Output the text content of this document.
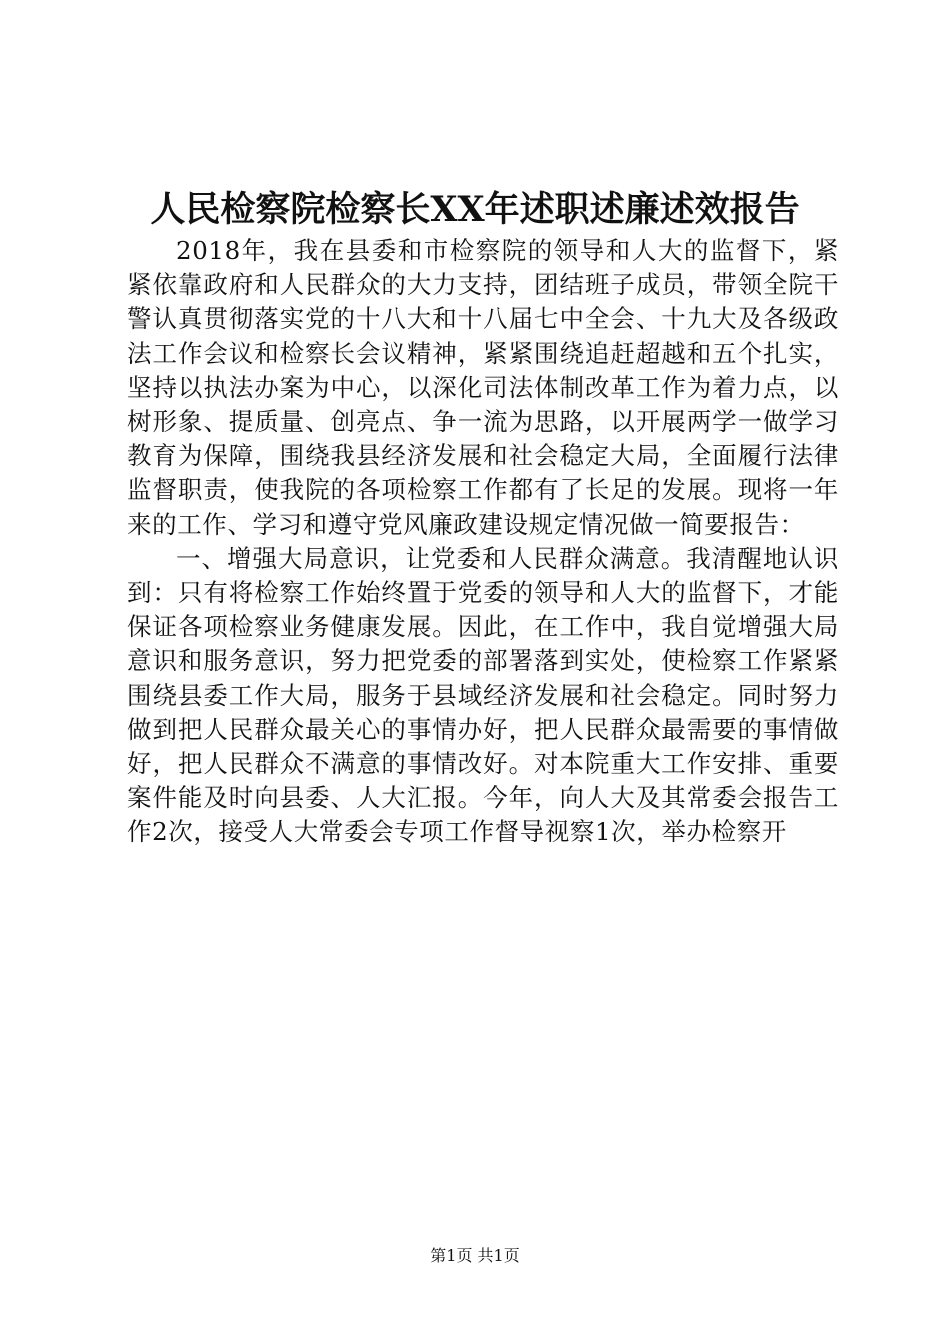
人民检察院检察长XX年述职述廉述效报告

2018年，我在县委和市检察院的领导和人大的监督下，紧紧依靠政府和人民群众的大力支持，团结班子成员，带领全院干警认真贯彻落实党的十八大和十八届七中全会、十九大及各级政法工作会议和检察长会议精神，紧紧围绕追赶超越和五个扎实，坚持以执法办案为中心，以深化司法体制改革工作为着力点，以树形象、提质量、创亮点、争一流为思路，以开展两学一做学习教育为保障，围绕我县经济发展和社会稳定大局，全面履行法律监督职责，使我院的各项检察工作都有了长足的发展。现将一年来的工作、学习和遵守党风廉政建设规定情况做一简要报告：

一、增强大局意识，让党委和人民群众满意。我清醒地认识到：只有将检察工作始终置于党委的领导和人大的监督下，才能保证各项检察业务健康发展。因此，在工作中，我自觉增强大局意识和服务意识，努力把党委的部署落到实处，使检察工作紧紧围绕县委工作大局，服务于县域经济发展和社会稳定。同时努力做到把人民群众最关心的事情办好，把人民群众最需要的事情做好，把人民群众不满意的事情改好。对本院重大工作安排、重要案件能及时向县委、人大汇报。今年，向人大及其常委会报告工作2次，接受人大常委会专项工作督导视察1次，举办检察开

第1页 共1页
